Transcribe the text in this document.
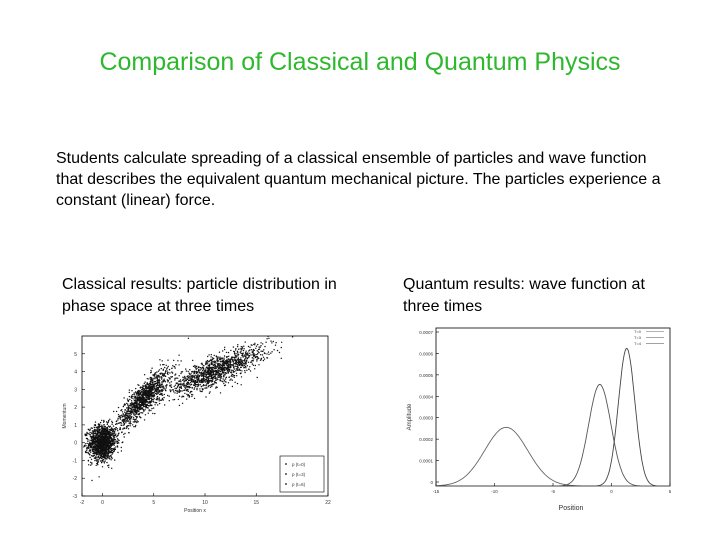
Comparison of Classical and Quantum Physics
Students calculate spreading of a classical ensemble of particles and wave function that describes the equivalent quantum mechanical picture. The particles experience a constant (linear) force.
Classical results: particle distribution in phase space at three times
Quantum results: wave function at three times
5
4
3
2
1
0
-1
-2
-3
-2	0	5	10	15	22
Position x
Momentum
p (t=0)
p (t=3)
p (t=6)
0.0007
0.0006
0.0005
0.0004
0.0003
0.0002
0.0001
0
-15	-10	-5	0	5
Position
Amplitude
T=0
T=3
T=4
